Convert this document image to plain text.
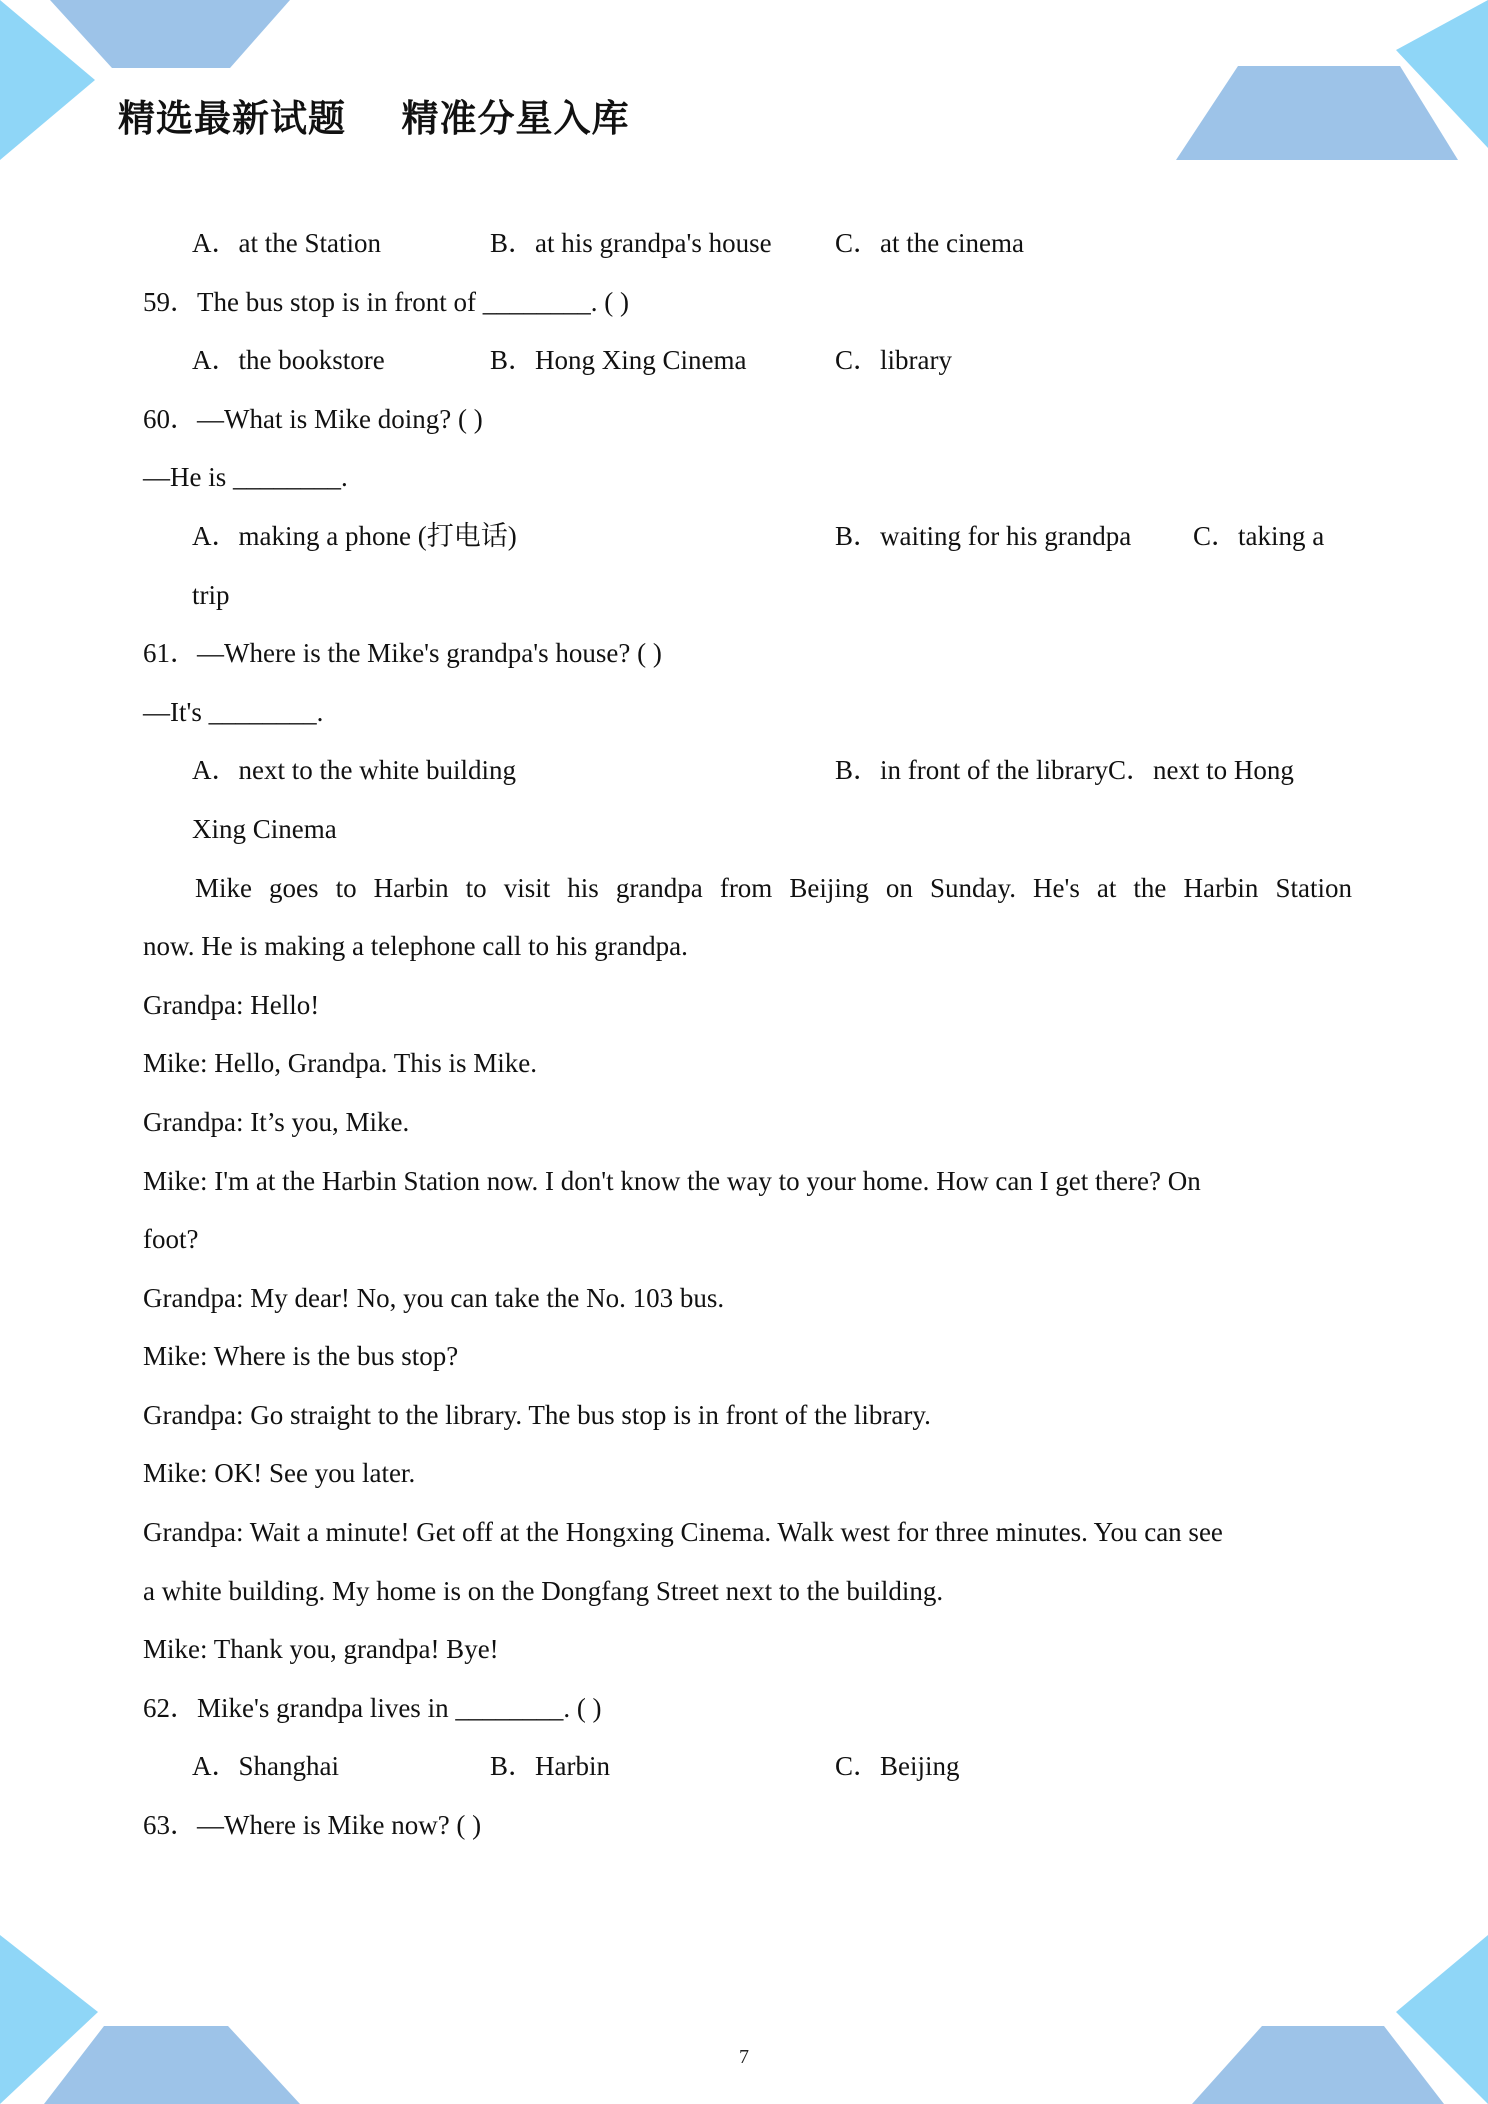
精选最新试题    精准分星入库
A．at the Station	B．at his grandpa's house C．at the cinema
59．The bus stop is in front of ________. ( )
A．the bookstore	B．Hong Xing Cinema	C．library
60．—What is Mike doing? ( )
—He is ________.
A．making a phone (打电话)	B．waiting for his grandpa C．taking a
trip
61．—Where is the Mike's grandpa's house? ( )
—It's ________.
A．next to the white building	B．in front of the libraryC．next to Hong
Xing Cinema
Mike goes to Harbin to visit his grandpa from Beijing on Sunday. He's at the Harbin Station
now. He is making a telephone call to his grandpa.
Grandpa: Hello!
Mike: Hello, Grandpa. This is Mike.
Grandpa: It’s you, Mike.
Mike: I'm at the Harbin Station now. I don't know the way to your home. How can I get there? On
foot?
Grandpa: My dear! No, you can take the No. 103 bus.
Mike: Where is the bus stop?
Grandpa: Go straight to the library. The bus stop is in front of the library.
Mike: OK! See you later.
Grandpa: Wait a minute! Get off at the Hongxing Cinema. Walk west for three minutes. You can see
a white building. My home is on the Dongfang Street next to the building.
Mike: Thank you, grandpa! Bye!
62．Mike's grandpa lives in ________. ( )
A．Shanghai	B．Harbin	C．Beijing
63．—Where is Mike now? ( )
7
